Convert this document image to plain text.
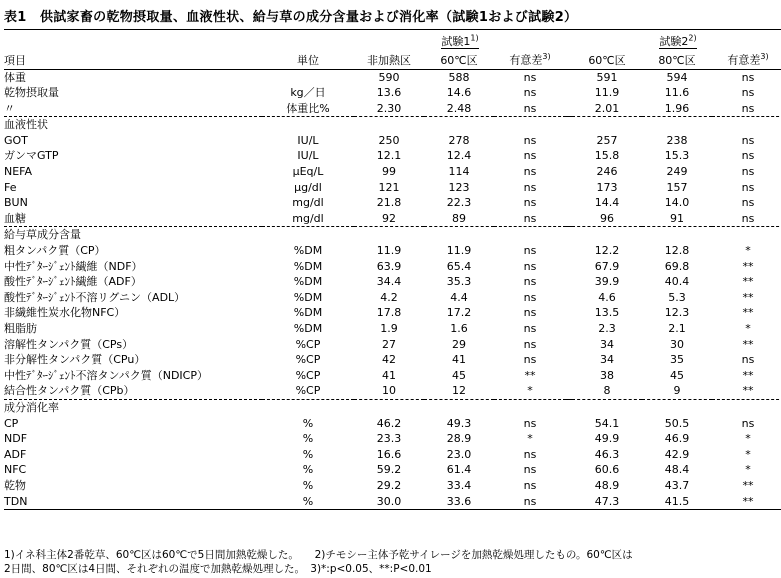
表1　供試家畜の乾物摂取量、血液性状、給与草の成分含量および消化率（試験1および試験2）
		試験1$^{1)}$				試験2$^{2)}$
項目	単位	非加熱区	60℃区	有意差$^{3)}$		60℃区	80℃区	有意差$^{3)}$
体重		590	588	ns		591	594	ns
乾物摂取量	kg／日	13.6	14.6	ns		11.9	11.6	ns
〃	体重比%	2.30	2.48	ns		2.01	1.96	ns
血液性状								
GOT	IU/L	250	278	ns		257	238	ns
ガンマGTP	IU/L	12.1	12.4	ns		15.8	15.3	ns
NEFA	μEq/L	99	114	ns		246	249	ns
Fe	μg/dl	121	123	ns		173	157	ns
BUN	mg/dl	21.8	22.3	ns		14.4	14.0	ns
血糖	mg/dl	92	89	ns		96	91	ns
給与草成分含量								
粗タンパク質（CP）	%DM	11.9	11.9	ns		12.2	12.8	*
中性ﾃﾞﾀｰｼﾞｪﾝﾄ繊維（NDF）	%DM	63.9	65.4	ns		67.9	69.8	**
酸性ﾃﾞﾀｰｼﾞｪﾝﾄ繊維（ADF）	%DM	34.4	35.3	ns		39.9	40.4	**
酸性ﾃﾞﾀｰｼﾞｪﾝﾄ不溶リグニン（ADL）	%DM	4.2	4.4	ns		4.6	5.3	**
非繊維性炭水化物NFC）	%DM	17.8	17.2	ns		13.5	12.3	**
粗脂肪	%DM	1.9	1.6	ns		2.3	2.1	*
溶解性タンパク質（CPs）	%CP	27	29	ns		34	30	**
非分解性タンパク質（CPu）	%CP	42	41	ns		34	35	ns
中性ﾃﾞﾀｰｼﾞｪﾝﾄ不溶タンパク質（NDICP）	%CP	41	45	**		38	45	**
結合性タンパク質（CPb）	%CP	10	12	*		8	9	**
成分消化率								
CP	%	46.2	49.3	ns		54.1	50.5	ns
NDF	%	23.3	28.9	*		49.9	46.9	*
ADF	%	16.6	23.0	ns		46.3	42.9	*
NFC	%	59.2	61.4	ns		60.6	48.4	*
乾物	%	29.2	33.4	ns		48.9	43.7	**
TDN	%	30.0	33.6	ns		47.3	41.5	**
1)イネ科主体2番乾草、60℃区は60℃で5日間加熱乾燥した。　　2)チモシー主体予乾サイレージを加熱乾燥処理したもの。60℃区は
2日間、80℃区は4日間、それぞれの温度で加熱乾燥処理した。　3)*:p<0.05、**:P<0.01
